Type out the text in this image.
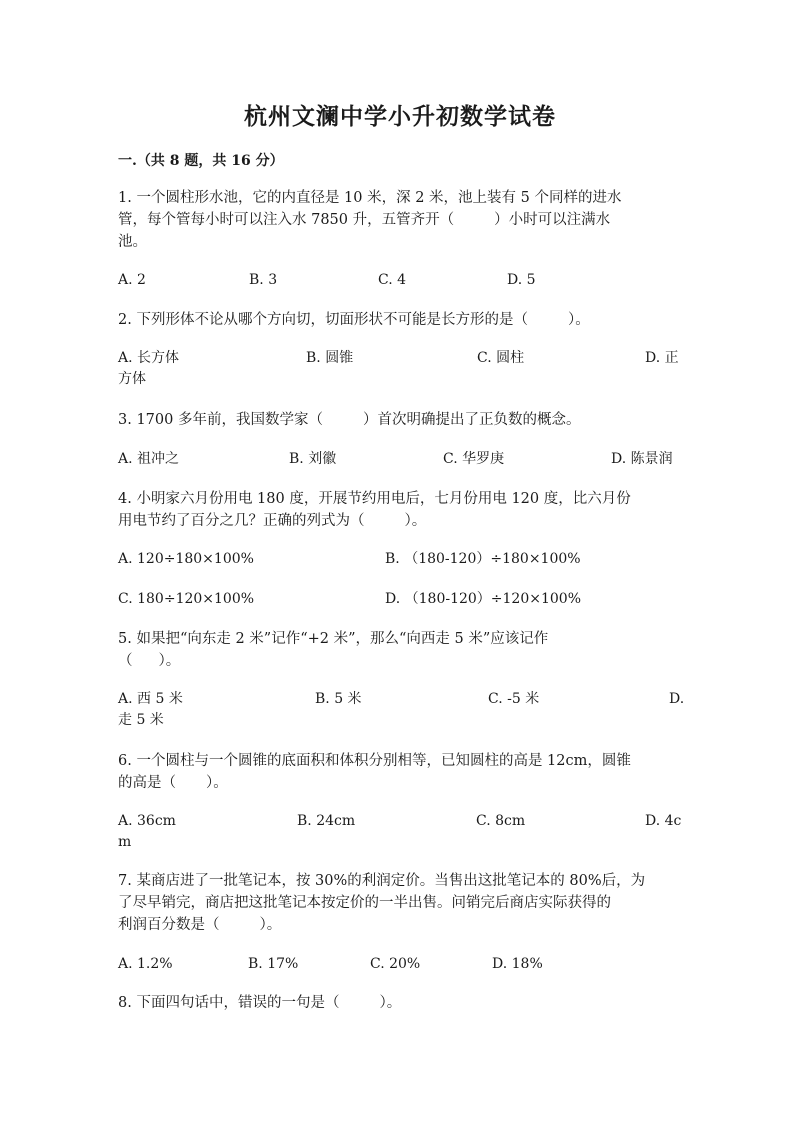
杭州文澜中学小升初数学试卷
一.（共 8 题，共 16 分）
1. 一个圆柱形水池，它的内直径是 10 米，深 2 米，池上装有 5 个同样的进水
管，每个管每小时可以注入水 7850 升，五管齐开（	）小时可以注满水
池。
A. 2	B. 3	C. 4	D. 5
2. 下列形体不论从哪个方向切，切面形状不可能是长方形的是（	）。
A. 长方体	B. 圆锥	C. 圆柱	D. 正
方体
3. 1700 多年前，我国数学家（	）首次明确提出了正负数的概念。
A. 祖冲之	B. 刘徽	C. 华罗庚	D. 陈景润
4. 小明家六月份用电 180 度，开展节约用电后，七月份用电 120 度，比六月份
用电节约了百分之几？正确的列式为（	）。
A. 120÷180×100%	B. （180-120）÷180×100%
C. 180÷120×100%	D. （180-120）÷120×100%
5. 如果把“向东走 2 米”记作“+2 米”，那么“向西走 5 米”应该记作
（ ）。
A. 西 5 米	B. 5 米	C. -5 米	D.
走 5 米
6. 一个圆柱与一个圆锥的底面积和体积分别相等，已知圆柱的高是 12cm，圆锥
的高是（ ）。
A. 36cm	B. 24cm	C. 8cm	D. 4c
m
7. 某商店进了一批笔记本，按 30%的利润定价。当售出这批笔记本的 80%后，为
了尽早销完，商店把这批笔记本按定价的一半出售。问销完后商店实际获得的
利润百分数是（	）。
A. 1.2%	B. 17%	C. 20%	D. 18%
8. 下面四句话中，错误的一句是（	）。
